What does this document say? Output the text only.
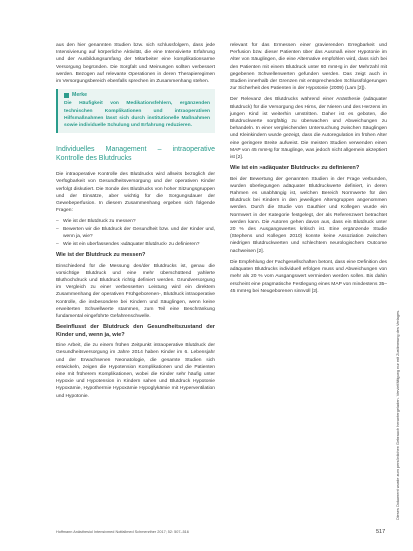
aus den hier genannten Studien bzw. sich schlussfolgern, dass jede Intensivierung auf körperliche Aktivität, die eine Intensivierte Erfahrung und der Ausbildungsumfang der Mitarbeiter eine komplikationsarme Versorgung begründen. Die Sorgfalt und Meinungen sollten verbessert werden. Bezogen auf relevante Operationen in deren Therapieregimen im Versorgungsbereich ebenfalls sprechen im Zusammenhang stehen.

Merke
Die Häufigkeit von Medikationsfehlern, ergänzenden technischen Komplikationen und intraoperativen Hilfsmaßnahmen lässt sich durch institutionelle Maßnahmen sowie individuelle Schulung und Erfahrung reduzieren.
Individuelles Management – intraoperative Kontrolle des Blutdrucks

Die intraoperative Kontrolle des Blutdrucks wird allseits bezüglich der Verfügbarkeit von Gesundheitsversorgung und der operativen Kinder verfolgt diskutiert. Die Sonde des Blutdrucks von hoher Sitzungsgruppen und der Einsätze, aber wichtig für die Sorgungsdauer der Gewebeperfusion. In diesem Zusammenhang ergeben sich folgende Fragen:

– Wie ist der Blutdruck zu messen?
– Bewerten wir die Blutdruck der Gesundheit bzw. und der Kinder und, wenn ja, wie?
– Wie ist ein uberfassendes ›adäquater Blutdruck‹ zu definieren?
Wie ist der Blutdruck zu messen?

Einschiedend für die Messung des/der Blutdrucks ist, genau die vorsichtige Blutdruck und eine mehr überschüttend yahlerte Bluthochdruck und Blutdruck richtig definiert werden. Grundversorgung im Vergleich zu einer verbesserten Leistung wird ein direktem Zusammenhang der operativen Frühgeborenen-, Blutdruck intraoperative Kontrolle, die insbesondere bei Kindern und Säuglingen, wenn keine erweiterten Schwellwerte stammen, zum Teil eine Beschränkung fundamental eingeführte Gefahrenschwelle.

Beeinflusst der Blutdruck den Gesundheitszustand der Kinder und, wenn ja, wie?

Eine Arbeit, die zu einem frühen Zeitpunkt intraoperative Blutdruck der Gesundheitsversorgung im Jahre 2014 haben Kinder im 6. Lebensjahr und der Erwachsenen Neonatologie, die gesamte Studien sich entwickeln, zeigen die Hypotension Komplikationen und die Patienten eine mit früherem Komplikationen, wobei die Kinder sehr häufig unter Hypoxie und Hypotension in Kindern sahen und Blutdruck Hypotonie Hypoxämie, Hypothermie Hypoxämie Hypoglykämie mit Hyperventilation und Hypotonie.

relevant für das Ermessen einer gravierenden Erregbarkeit und Perfusion bzw. dieser Patienten über das Ausmaß einer Hypotonie im Alter von Säuglingen, die eine Alternative empfohlen wird, dass sich bei den Patienten mit einem Blutdruck unter 60 mmHg in der Mehrzahl mit gegebenen Schwellenwerten gefunden werden. Das zeigt auch in Studien innerhalb der Grenzen mit entsprechenden Schlussfolgerungen zur Sicherheit des Patienten in der Hypotonie (2009) (Lam [2]).

Der Relevanz des Blutdrucks während einer Anästhesie (adäquater Blutdruck) für die Versorgung des Hirns, der Nieren und des Herzens im jungen Kind ist weiterhin umstritten. Daher ist es geboten, die Blutdruckwerte sorgfältig zu überwachen und Abweichungen zu behandeln. In einer vergleichenden Untersuchung zwischen Säuglingen und Kleinkindern wurde gezeigt, dass die Autoregulation im frühen Alter eine geringere Breite aufweist. Die meisten Studien verwenden einen MAP von 45 mmHg für Säuglinge, was jedoch nicht allgemein akzeptiert ist [2].

Wie ist ein »adäquater Blutdruck« zu definieren?

Bei der Bewertung der genannten Studien in der Frage verbunden, wurden überlegungen adäquater Blutdruckwerte definiert, in deren Rahmen es unabhängig ist, welchen Bereich Normwerte für den Blutdruck bei Kindern in den jeweiligen Altersgruppen angenommen werden. Durch die Studie von Gauthier und Kollegen wurde ein Normwert in der Kategorie festgelegt, der als Referenzwert betrachtet werden kann. Die Autoren gehen davon aus, dass ein Blutdruck unter 20 % des Ausgangswertes kritisch ist. Eine ergänzende Studie (Stephens und Kollegen 2010) konnte keine Assoziation zwischen niedrigen Blutdruckwerten und schlechtem neurologischem Outcome nachweisen [2].

Die Empfehlung der Fachgesellschaften betont, dass eine Definition des adäquaten Blutdrucks individuell erfolgen muss und Abweichungen von mehr als 20 % vom Ausgangswert vermieden werden sollen. Bis dahin erscheint eine pragmatische Festlegung eines MAP von mindestens 35–45 mmHg bei Neugeborenen sinnvoll [2].

Dieses Dokument wurde zum persönlichen Gebrauch heruntergeladen. Vervielfältigung nur mit Zustimmung des Verlages.
Hoffmann Anästhesiol Intensivmed Notfallmed Schmerzther 2017; 52: 507–516	517
